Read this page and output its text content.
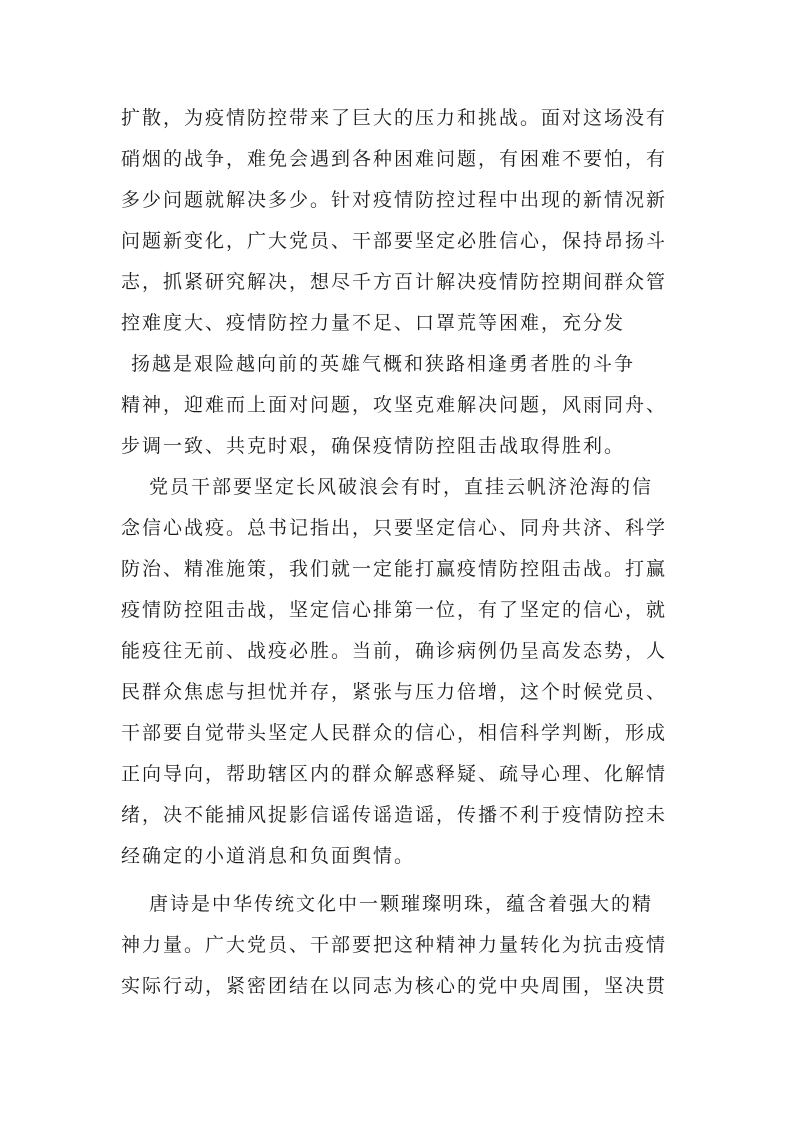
扩散，为疫情防控带来了巨大的压力和挑战。面对这场没有
硝烟的战争，难免会遇到各种困难问题，有困难不要怕，有
多少问题就解决多少。针对疫情防控过程中出现的新情况新
问题新变化，广大党员、干部要坚定必胜信心，保持昂扬斗
志，抓紧研究解决，想尽千方百计解决疫情防控期间群众管
控难度大、疫情防控力量不足、口罩荒等困难，充分发
扬越是艰险越向前的英雄气概和狭路相逢勇者胜的斗争
精神，迎难而上面对问题，攻坚克难解决问题，风雨同舟、
步调一致、共克时艰，确保疫情防控阻击战取得胜利。
党员干部要坚定长风破浪会有时，直挂云帆济沧海的信
念信心战疫。总书记指出，只要坚定信心、同舟共济、科学
防治、精准施策，我们就一定能打赢疫情防控阻击战。打赢
疫情防控阻击战，坚定信心排第一位，有了坚定的信心，就
能疫往无前、战疫必胜。当前，确诊病例仍呈高发态势，人
民群众焦虑与担忧并存，紧张与压力倍增，这个时候党员、
干部要自觉带头坚定人民群众的信心，相信科学判断，形成
正向导向，帮助辖区内的群众解惑释疑、疏导心理、化解情
绪，决不能捕风捉影信谣传谣造谣，传播不利于疫情防控未
经确定的小道消息和负面舆情。
唐诗是中华传统文化中一颗璀璨明珠，蕴含着强大的精
神力量。广大党员、干部要把这种精神力量转化为抗击疫情
实际行动，紧密团结在以同志为核心的党中央周围，坚决贯
